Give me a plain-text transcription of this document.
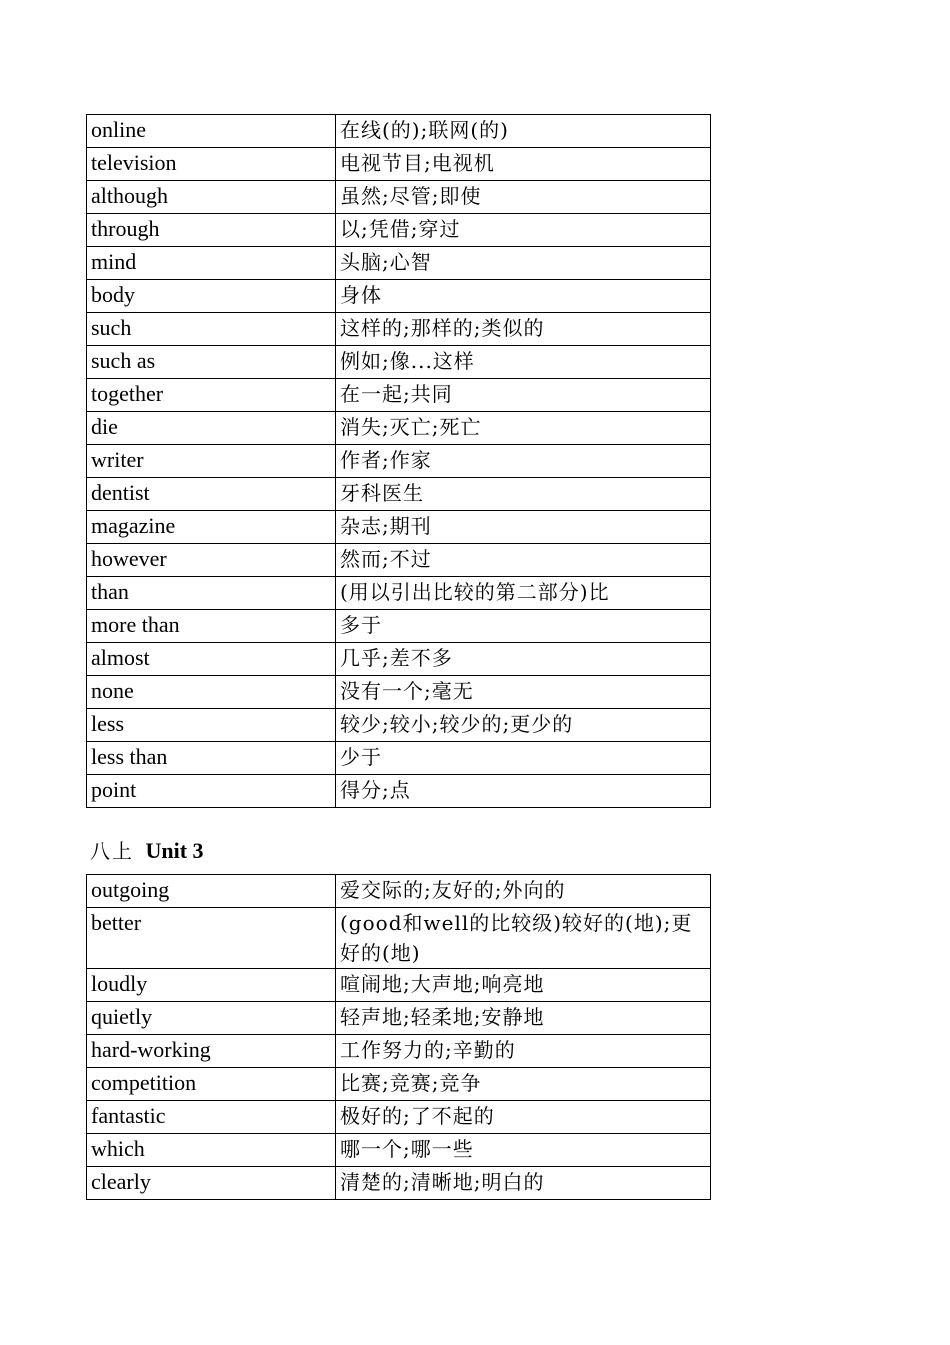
online	在线(的);联网(的)
television	电视节目;电视机
although	虽然;尽管;即使
through	以;凭借;穿过
mind	头脑;心智
body	身体
such	这样的;那样的;类似的
such as	例如;像...这样
together	在一起;共同
die	消失;灭亡;死亡
writer	作者;作家
dentist	牙科医生
magazine	杂志;期刊
however	然而;不过
than	(用以引出比较的第二部分)比
more than	多于
almost	几乎;差不多
none	没有一个;毫无
less	较少;较小;较少的;更少的
less than	少于
point	得分;点
八上 Unit 3
outgoing	爱交际的;友好的;外向的
better	(good和well的比较级)较好的(地);更好的(地)
loudly	喧闹地;大声地;响亮地
quietly	轻声地;轻柔地;安静地
hard-working	工作努力的;辛勤的
competition	比赛;竞赛;竞争
fantastic	极好的;了不起的
which	哪一个;哪一些
clearly	清楚的;清晰地;明白的
